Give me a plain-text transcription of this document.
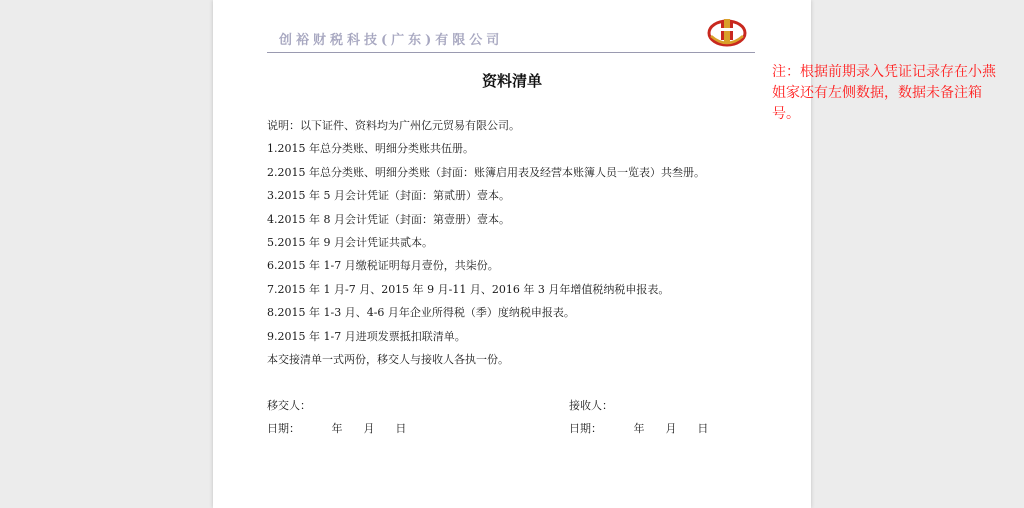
创裕财税科技(广东)有限公司
资料清单
说明：以下证件、资料均为广州亿元贸易有限公司。
1.2015 年总分类账、明细分类账共伍册。
2.2015 年总分类账、明细分类账（封面：账簿启用表及经营本账簿人员一览表）共叁册。
3.2015 年 5 月会计凭证（封面：第贰册）壹本。
4.2015 年 8 月会计凭证（封面：第壹册）壹本。
5.2015 年 9 月会计凭证共贰本。
6.2015 年 1-7 月缴税证明每月壹份，共柒份。
7.2015 年 1 月-7 月、2015 年 9 月-11 月、2016 年 3 月年增值税纳税申报表。
8.2015 年 1-3 月、4-6 月年企业所得税（季）度纳税申报表。
9.2015 年 1-7 月进项发票抵扣联清单。
本交接清单一式两份，移交人与接收人各执一份。
移交人：	接收人：
日期：         年      月      日	日期：         年      月      日
注：根据前期录入凭证记录存在小燕姐家还有左侧数据，数据未备注箱号。
